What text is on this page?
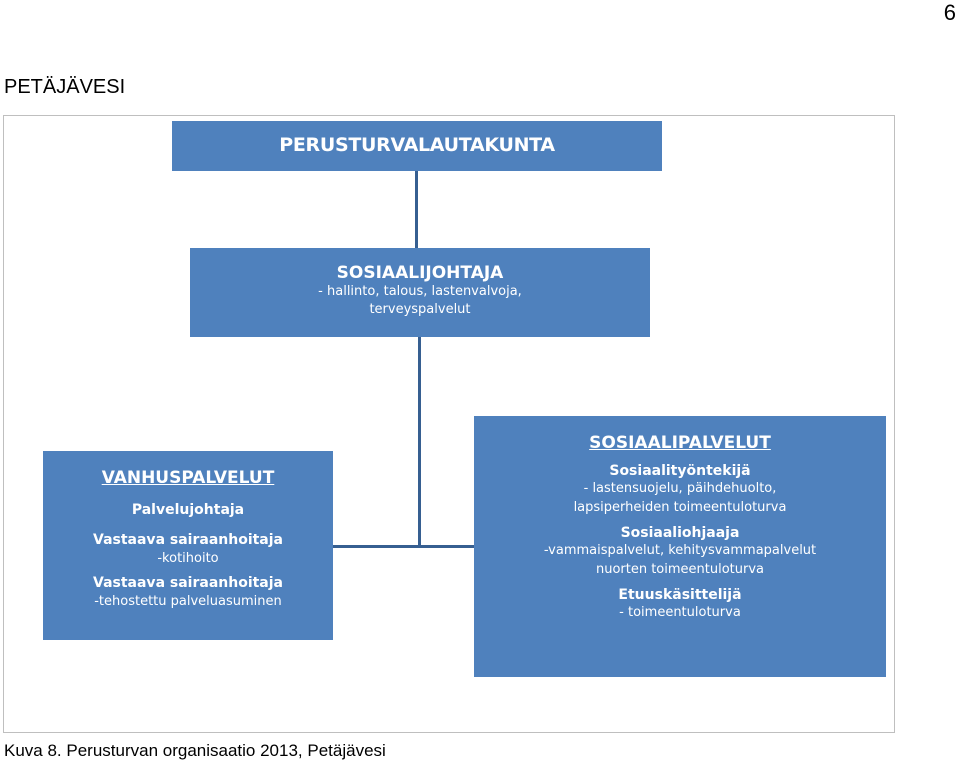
6
PETÄJÄVESI
PERUSTURVALAUTAKUNTA
SOSIAALIJOHTAJA
- hallinto, talous, lastenvalvoja,
terveyspalvelut
VANHUSPALVELUT
Palvelujohtaja
Vastaava sairaanhoitaja
-kotihoito
Vastaava sairaanhoitaja
-tehostettu palveluasuminen
SOSIAALIPALVELUT
Sosiaalityöntekijä
- lastensuojelu, päihdehuolto,
lapsiperheiden toimeentuloturva
Sosiaaliohjaaja
-vammaispalvelut, kehitysvammapalvelut
nuorten toimeentuloturva
Etuuskäsittelijä
- toimeentuloturva
Kuva 8. Perusturvan organisaatio 2013, Petäjävesi
